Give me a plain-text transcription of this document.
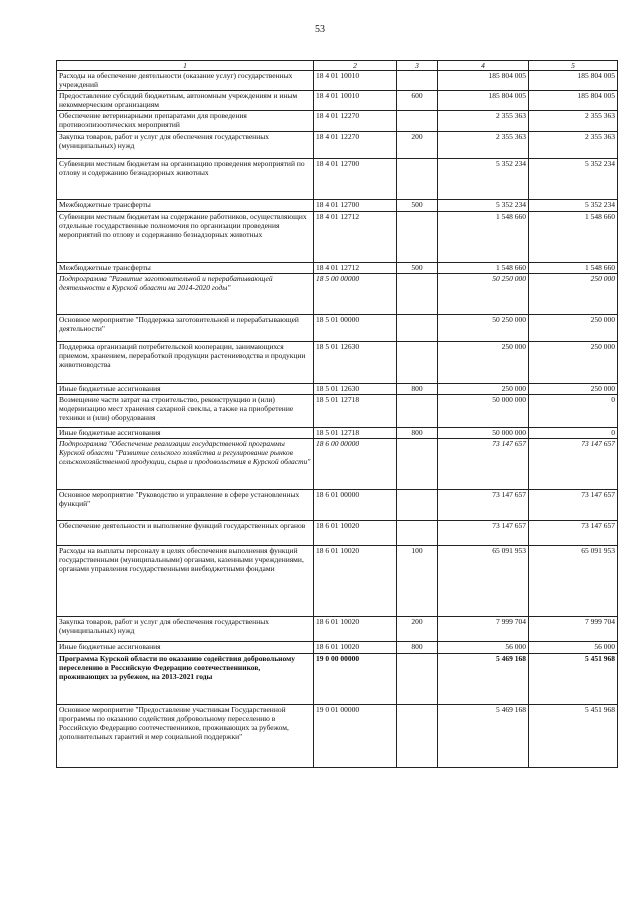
53
1	2	3	4	5
Расходы на обеспечение деятельности (оказание услуг) государственных учреждений	18 4 01 10010		185 804 005	185 804 005
Предоставление субсидий бюджетным, автономным учреждениям и иным некоммерческим организациям	18 4 01 10010	600	185 804 005	185 804 005
Обеспечение ветеринарными препаратами для проведения противоэпизоотических мероприятий	18 4 01 12270		2 355 363	2 355 363
Закупка товаров, работ и услуг для обеспечения государственных (муниципальных) нужд	18 4 01 12270	200	2 355 363	2 355 363
Субвенции местным бюджетам на организацию проведения мероприятий по отлову и содержанию безнадзорных животных	18 4 01 12700		5 352 234	5 352 234
Межбюджетные трансферты	18 4 01 12700	500	5 352 234	5 352 234
Субвенции местным бюджетам на содержание работников, осуществляющих отдельные государственные полномочия по организации проведения мероприятий по отлову и содержанию безнадзорных животных	18 4 01 12712		1 548 660	1 548 660
Межбюджетные трансферты	18 4 01 12712	500	1 548 660	1 548 660
Подпрограмма "Развитие заготовительной и перерабатывающей деятельности в Курской области на 2014-2020 годы"	18 5 00 00000		50 250 000	250 000
Основное мероприятие "Поддержка заготовительной и перерабатывающей деятельности"	18 5 01 00000		50 250 000	250 000
Поддержка организаций потребительской кооперации, занимающихся приемом, хранением, переработкой продукции растениеводства и продукции животноводства	18 5 01 12630		250 000	250 000
Иные бюджетные ассигнования	18 5 01 12630	800	250 000	250 000
Возмещение части затрат на строительство, реконструкцию и (или) модернизацию мест хранения сахарной свеклы, а также на приобретение техники и (или) оборудования	18 5 01 12718		50 000 000	0
Иные бюджетные ассигнования	18 5 01 12718	800	50 000 000	0
Подпрограмма "Обеспечение реализации государственной программы Курской области "Развитие сельского хозяйства и регулирование рынков сельскохозяйственной продукции, сырья и продовольствия в Курской области"	18 6 00 00000		73 147 657	73 147 657
Основное мероприятие "Руководство и управление в сфере установленных функций"	18 6 01 00000		73 147 657	73 147 657
Обеспечение деятельности и выполнение функций государственных органов	18 6 01 10020		73 147 657	73 147 657
Расходы на выплаты персоналу в целях обеспечения выполнения функций государственными (муниципальными) органами, казенными учреждениями, органами управления государственными внебюджетными фондами	18 6 01 10020	100	65 091 953	65 091 953
Закупка товаров, работ и услуг для обеспечения государственных (муниципальных) нужд	18 6 01 10020	200	7 999 704	7 999 704
Иные бюджетные ассигнования	18 6 01 10020	800	56 000	56 000
Программа Курской области по оказанию содействия добровольному переселению в Российскую Федерацию соотечественников, проживающих за рубежом, на 2013-2021 годы	19 0 00 00000		5 469 168	5 451 968
Основное мероприятие "Предоставление участникам Государственной программы по оказанию содействия добровольному переселению в Российскую Федерацию соотечественников, проживающих за рубежом, дополнительных гарантий и мер социальной поддержки"	19 0 01 00000		5 469 168	5 451 968
